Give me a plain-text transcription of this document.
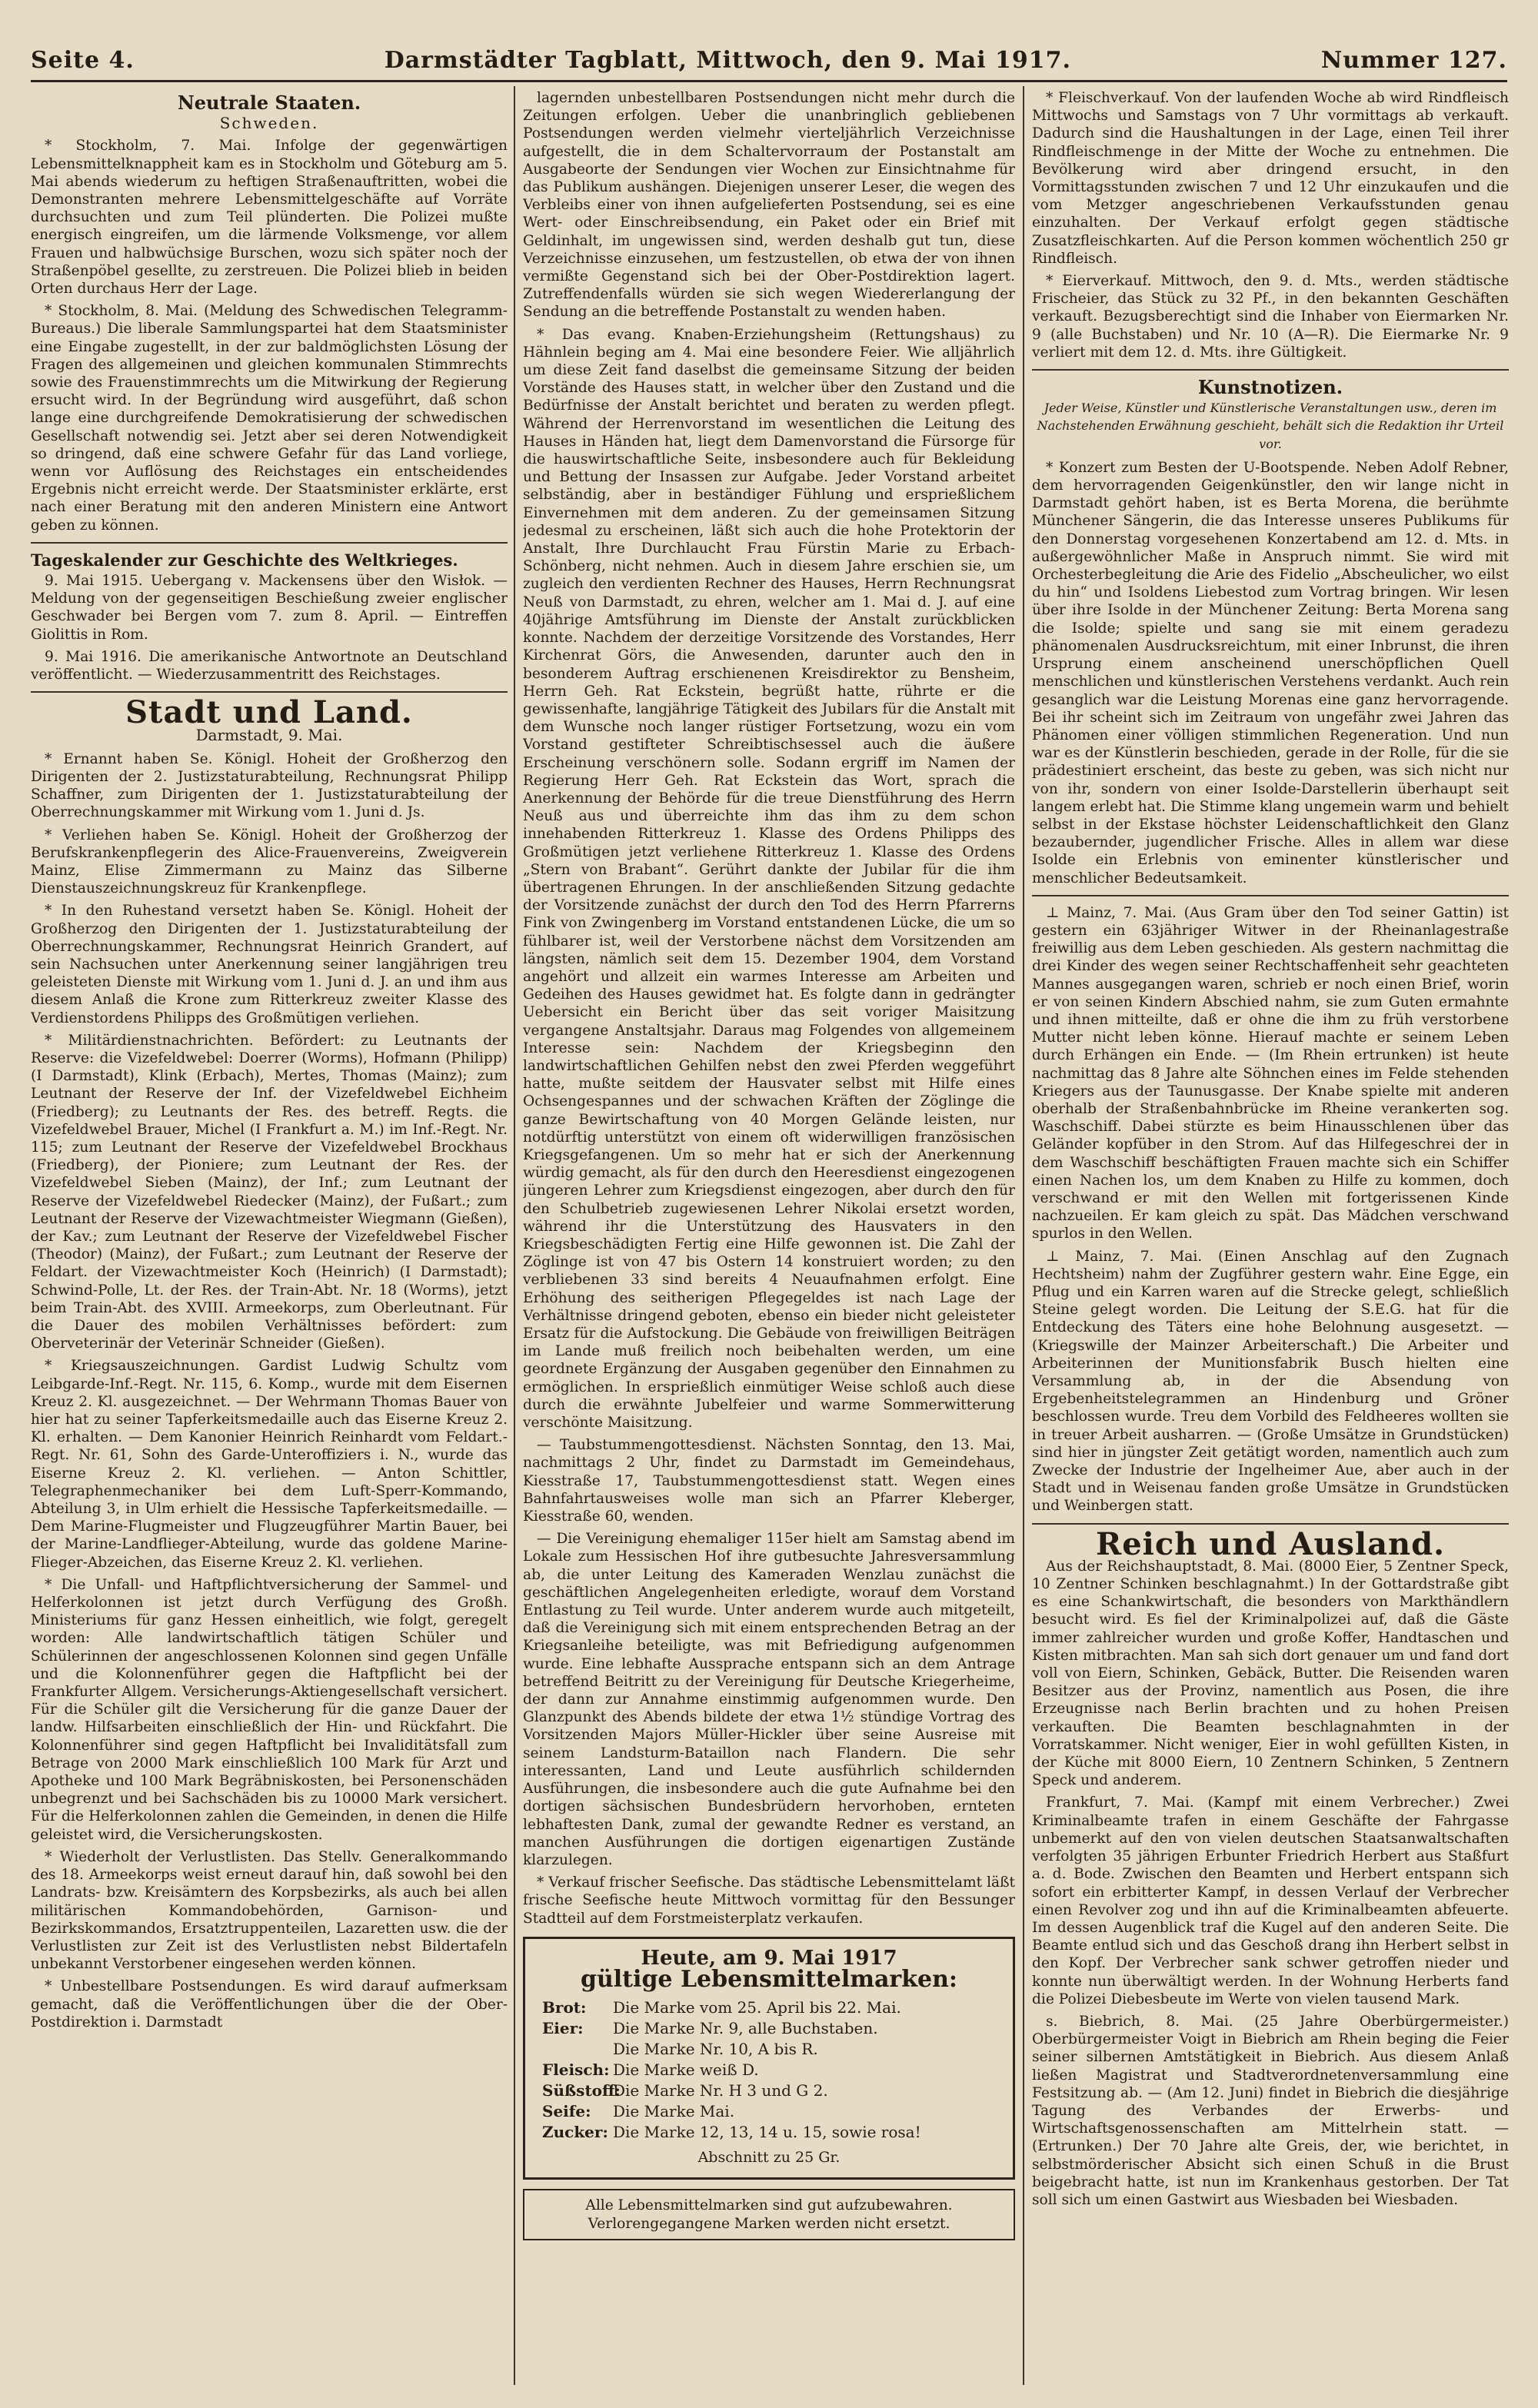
Seite 4.	Darmstädter Tagblatt, Mittwoch, den 9. Mai 1917.	Nummer 127.
Neutrale Staaten.
Schweden.

* Stockholm, 7. Mai. Infolge der gegenwärtigen Lebensmittelknappheit kam es in Stockholm und Göteburg am 5. Mai abends wiederum zu heftigen Straßenauftritten, wobei die Demonstranten mehrere Lebensmittelgeschäfte auf Vorräte durchsuchten und zum Teil plünderten. Die Polizei mußte energisch eingreifen, um die lärmende Volksmenge, vor allem Frauen und halbwüchsige Burschen, wozu sich später noch der Straßenpöbel gesellte, zu zerstreuen. Die Polizei blieb in beiden Orten durchaus Herr der Lage.

* Stockholm, 8. Mai. (Meldung des Schwedischen Telegramm-Bureaus.) Die liberale Sammlungspartei hat dem Staatsminister eine Eingabe zugestellt, in der zur baldmöglichsten Lösung der Fragen des allgemeinen und gleichen kommunalen Stimmrechts sowie des Frauenstimmrechts um die Mitwirkung der Regierung ersucht wird. In der Begründung wird ausgeführt, daß schon lange eine durchgreifende Demokratisierung der schwedischen Gesellschaft notwendig sei. Jetzt aber sei deren Notwendigkeit so dringend, daß eine schwere Gefahr für das Land vorliege, wenn vor Auflösung des Reichstages ein entscheidendes Ergebnis nicht erreicht werde. Der Staatsminister erklärte, erst nach einer Beratung mit den anderen Ministern eine Antwort geben zu können.

Tageskalender zur Geschichte des Weltkrieges.

9. Mai 1915. Uebergang v. Mackensens über den Wisłok. — Meldung von der gegenseitigen Beschießung zweier englischer Geschwader bei Bergen vom 7. zum 8. April. — Eintreffen Giolittis in Rom.

9. Mai 1916. Die amerikanische Antwortnote an Deutschland veröffentlicht. — Wiederzusammentritt des Reichstages.

Stadt und Land.
Darmstadt, 9. Mai.

* Ernannt haben Se. Königl. Hoheit der Großherzog den Dirigenten der 2. Justizstaturabteilung, Rechnungsrat Philipp Schaffner, zum Dirigenten der 1. Justizstaturabteilung der Oberrechnungskammer mit Wirkung vom 1. Juni d. Js.

* Verliehen haben Se. Königl. Hoheit der Großherzog der Berufskrankenpflegerin des Alice-Frauenvereins, Zweigverein Mainz, Elise Zimmermann zu Mainz das Silberne Dienstauszeichnungskreuz für Krankenpflege.

* In den Ruhestand versetzt haben Se. Königl. Hoheit der Großherzog den Dirigenten der 1. Justizstaturabteilung der Oberrechnungskammer, Rechnungsrat Heinrich Grandert, auf sein Nachsuchen unter Anerkennung seiner langjährigen treu geleisteten Dienste mit Wirkung vom 1. Juni d. J. an und ihm aus diesem Anlaß die Krone zum Ritterkreuz zweiter Klasse des Verdienstordens Philipps des Großmütigen verliehen.

* Militärdienstnachrichten. Befördert: zu Leutnants der Reserve: die Vizefeldwebel: Doerrer (Worms), Hofmann (Philipp) (I Darmstadt), Klink (Erbach), Mertes, Thomas (Mainz); zum Leutnant der Reserve der Inf. der Vizefeldwebel Eichheim (Friedberg); zu Leutnants der Res. des betreff. Regts. die Vizefeldwebel Brauer, Michel (I Frankfurt a. M.) im Inf.-Regt. Nr. 115; zum Leutnant der Reserve der Vizefeldwebel Brockhaus (Friedberg), der Pioniere; zum Leutnant der Res. der Vizefeldwebel Sieben (Mainz), der Inf.; zum Leutnant der Reserve der Vizefeldwebel Riedecker (Mainz), der Fußart.; zum Leutnant der Reserve der Vizewachtmeister Wiegmann (Gießen), der Kav.; zum Leutnant der Reserve der Vizefeldwebel Fischer (Theodor) (Mainz), der Fußart.; zum Leutnant der Reserve der Feldart. der Vizewachtmeister Koch (Heinrich) (I Darmstadt); Schwind-Polle, Lt. der Res. der Train-Abt. Nr. 18 (Worms), jetzt beim Train-Abt. des XVIII. Armeekorps, zum Oberleutnant. Für die Dauer des mobilen Verhältnisses befördert: zum Oberveterinär der Veterinär Schneider (Gießen).

* Kriegsauszeichnungen. Gardist Ludwig Schultz vom Leibgarde-Inf.-Regt. Nr. 115, 6. Komp., wurde mit dem Eisernen Kreuz 2. Kl. ausgezeichnet. — Der Wehrmann Thomas Bauer von hier hat zu seiner Tapferkeitsmedaille auch das Eiserne Kreuz 2. Kl. erhalten. — Dem Kanonier Heinrich Reinhardt vom Feldart.-Regt. Nr. 61, Sohn des Garde-Unteroffiziers i. N., wurde das Eiserne Kreuz 2. Kl. verliehen. — Anton Schittler, Telegraphenmechaniker bei dem Luft-Sperr-Kommando, Abteilung 3, in Ulm erhielt die Hessische Tapferkeitsmedaille. — Dem Marine-Flugmeister und Flugzeugführer Martin Bauer, bei der Marine-Landflieger-Abteilung, wurde das goldene Marine-Flieger-Abzeichen, das Eiserne Kreuz 2. Kl. verliehen.

* Die Unfall- und Haftpflichtversicherung der Sammel- und Helferkolonnen ist jetzt durch Verfügung des Großh. Ministeriums für ganz Hessen einheitlich, wie folgt, geregelt worden: Alle landwirtschaftlich tätigen Schüler und Schülerinnen der angeschlossenen Kolonnen sind gegen Unfälle und die Kolonnenführer gegen die Haftpflicht bei der Frankfurter Allgem. Versicherungs-Aktiengesellschaft versichert. Für die Schüler gilt die Versicherung für die ganze Dauer der landw. Hilfsarbeiten einschließlich der Hin- und Rückfahrt. Die Kolonnenführer sind gegen Haftpflicht bei Invaliditätsfall zum Betrage von 2000 Mark einschließlich 100 Mark für Arzt und Apotheke und 100 Mark Begräbniskosten, bei Personenschäden unbegrenzt und bei Sachschäden bis zu 10000 Mark versichert. Für die Helferkolonnen zahlen die Gemeinden, in denen die Hilfe geleistet wird, die Versicherungskosten.

* Wiederholt der Verlustlisten. Das Stellv. Generalkommando des 18. Armeekorps weist erneut darauf hin, daß sowohl bei den Landrats- bzw. Kreisämtern des Korpsbezirks, als auch bei allen militärischen Kommandobehörden, Garnison- und Bezirkskommandos, Ersatztruppenteilen, Lazaretten usw. die der Verlustlisten zur Zeit ist des Verlustlisten nebst Bildertafeln unbekannt Verstorbener eingesehen werden können.

* Unbestellbare Postsendungen. Es wird darauf aufmerksam gemacht, daß die Veröffentlichungen über die der Ober-Postdirektion i. Darmstadt

lagernden unbestellbaren Postsendungen nicht mehr durch die Zeitungen erfolgen. Ueber die unanbringlich gebliebenen Postsendungen werden vielmehr vierteljährlich Verzeichnisse aufgestellt, die in dem Schaltervorraum der Postanstalt am Ausgabeorte der Sendungen vier Wochen zur Einsichtnahme für das Publikum aushängen. Diejenigen unserer Leser, die wegen des Verbleibs einer von ihnen aufgelieferten Postsendung, sei es eine Wert- oder Einschreibsendung, ein Paket oder ein Brief mit Geldinhalt, im ungewissen sind, werden deshalb gut tun, diese Verzeichnisse einzusehen, um festzustellen, ob etwa der von ihnen vermißte Gegenstand sich bei der Ober-Postdirektion lagert. Zutreffendenfalls würden sie sich wegen Wiedererlangung der Sendung an die betreffende Postanstalt zu wenden haben.

* Das evang. Knaben-Erziehungsheim (Rettungshaus) zu Hähnlein beging am 4. Mai eine besondere Feier. Wie alljährlich um diese Zeit fand daselbst die gemeinsame Sitzung der beiden Vorstände des Hauses statt, in welcher über den Zustand und die Bedürfnisse der Anstalt berichtet und beraten zu werden pflegt. Während der Herrenvorstand im wesentlichen die Leitung des Hauses in Händen hat, liegt dem Damenvorstand die Fürsorge für die hauswirtschaftliche Seite, insbesondere auch für Bekleidung und Bettung der Insassen zur Aufgabe. Jeder Vorstand arbeitet selbständig, aber in beständiger Fühlung und ersprießlichem Einvernehmen mit dem anderen. Zu der gemeinsamen Sitzung jedesmal zu erscheinen, läßt sich auch die hohe Protektorin der Anstalt, Ihre Durchlaucht Frau Fürstin Marie zu Erbach-Schönberg, nicht nehmen. Auch in diesem Jahre erschien sie, um zugleich den verdienten Rechner des Hauses, Herrn Rechnungsrat Neuß von Darmstadt, zu ehren, welcher am 1. Mai d. J. auf eine 40jährige Amtsführung im Dienste der Anstalt zurückblicken konnte. Nachdem der derzeitige Vorsitzende des Vorstandes, Herr Kirchenrat Görs, die Anwesenden, darunter auch den in besonderem Auftrag erschienenen Kreisdirektor zu Bensheim, Herrn Geh. Rat Eckstein, begrüßt hatte, rührte er die gewissenhafte, langjährige Tätigkeit des Jubilars für die Anstalt mit dem Wunsche noch langer rüstiger Fortsetzung, wozu ein vom Vorstand gestifteter Schreibtischsessel auch die äußere Erscheinung verschönern solle. Sodann ergriff im Namen der Regierung Herr Geh. Rat Eckstein das Wort, sprach die Anerkennung der Behörde für die treue Dienstführung des Herrn Neuß aus und überreichte ihm das ihm zu dem schon innehabenden Ritterkreuz 1. Klasse des Ordens Philipps des Großmütigen jetzt verliehene Ritterkreuz 1. Klasse des Ordens „Stern von Brabant“. Gerührt dankte der Jubilar für die ihm übertragenen Ehrungen. In der anschließenden Sitzung gedachte der Vorsitzende zunächst der durch den Tod des Herrn Pfarrerns Fink von Zwingenberg im Vorstand entstandenen Lücke, die um so fühlbarer ist, weil der Verstorbene nächst dem Vorsitzenden am längsten, nämlich seit dem 15. Dezember 1904, dem Vorstand angehört und allzeit ein warmes Interesse am Arbeiten und Gedeihen des Hauses gewidmet hat. Es folgte dann in gedrängter Uebersicht ein Bericht über das seit voriger Maisitzung vergangene Anstaltsjahr. Daraus mag Folgendes von allgemeinem Interesse sein: Nachdem der Kriegsbeginn den landwirtschaftlichen Gehilfen nebst den zwei Pferden weggeführt hatte, mußte seitdem der Hausvater selbst mit Hilfe eines Ochsengespannes und der schwachen Kräften der Zöglinge die ganze Bewirtschaftung von 40 Morgen Gelände leisten, nur notdürftig unterstützt von einem oft widerwilligen französischen Kriegsgefangenen. Um so mehr hat er sich der Anerkennung würdig gemacht, als für den durch den Heeresdienst eingezogenen jüngeren Lehrer zum Kriegsdienst eingezogen, aber durch den für den Schulbetrieb zugewiesenen Lehrer Nikolai ersetzt worden, während ihr die Unterstützung des Hausvaters in den Kriegsbeschädigten Fertig eine Hilfe gewonnen ist. Die Zahl der Zöglinge ist von 47 bis Ostern 14 konstruiert worden; zu den verbliebenen 33 sind bereits 4 Neuaufnahmen erfolgt. Eine Erhöhung des seitherigen Pflegegeldes ist nach Lage der Verhältnisse dringend geboten, ebenso ein bieder nicht geleisteter Ersatz für die Aufstockung. Die Gebäude von freiwilligen Beiträgen im Lande muß freilich noch beibehalten werden, um eine geordnete Ergänzung der Ausgaben gegenüber den Einnahmen zu ermöglichen. In ersprießlich einmütiger Weise schloß auch diese durch die erwähnte Jubelfeier und warme Sommerwitterung verschönte Maisitzung.

— Taubstummengottesdienst. Nächsten Sonntag, den 13. Mai, nachmittags 2 Uhr, findet zu Darmstadt im Gemeindehaus, Kiesstraße 17, Taubstummengottesdienst statt. Wegen eines Bahnfahrtausweises wolle man sich an Pfarrer Kleberger, Kiesstraße 60, wenden.

— Die Vereinigung ehemaliger 115er hielt am Samstag abend im Lokale zum Hessischen Hof ihre gutbesuchte Jahresversammlung ab, die unter Leitung des Kameraden Wenzlau zunächst die geschäftlichen Angelegenheiten erledigte, worauf dem Vorstand Entlastung zu Teil wurde. Unter anderem wurde auch mitgeteilt, daß die Vereinigung sich mit einem entsprechenden Betrag an der Kriegsanleihe beteiligte, was mit Befriedigung aufgenommen wurde. Eine lebhafte Aussprache entspann sich an dem Antrage betreffend Beitritt zu der Vereinigung für Deutsche Kriegerheime, der dann zur Annahme einstimmig aufgenommen wurde. Den Glanzpunkt des Abends bildete der etwa 1½ stündige Vortrag des Vorsitzenden Majors Müller-Hickler über seine Ausreise mit seinem Landsturm-Bataillon nach Flandern. Die sehr interessanten, Land und Leute ausführlich schildernden Ausführungen, die insbesondere auch die gute Aufnahme bei den dortigen sächsischen Bundesbrüdern hervorhoben, ernteten lebhaftesten Dank, zumal der gewandte Redner es verstand, an manchen Ausführungen die dortigen eigenartigen Zustände klarzulegen.

* Verkauf frischer Seefische. Das städtische Lebensmittelamt läßt frische Seefische heute Mittwoch vormittag für den Bessunger Stadtteil auf dem Forstmeisterplatz verkaufen.

Heute, am 9. Mai 1917
gültige Lebensmittelmarken:
Brot:	Die Marke vom 25. April bis 22. Mai.
Eier:	Die Marke Nr. 9, alle Buchstaben.
Die Marke Nr. 10, A bis R.
Fleisch: Die Marke weiß D.
Süßstoff:
Die Marke Nr. H 3 und G 2.
Seife:	Die Marke Mai.
Zucker: Die Marke 12, 13, 14 u. 15, sowie rosa!
Abschnitt zu 25 Gr.
Alle Lebensmittelmarken sind gut aufzubewahren.
Verlorengegangene Marken werden nicht ersetzt.

* Fleischverkauf. Von der laufenden Woche ab wird Rindfleisch Mittwochs und Samstags von 7 Uhr vormittags ab verkauft. Dadurch sind die Haushaltungen in der Lage, einen Teil ihrer Rindfleischmenge in der Mitte der Woche zu entnehmen. Die Bevölkerung wird aber dringend ersucht, in den Vormittagsstunden zwischen 7 und 12 Uhr einzukaufen und die vom Metzger angeschriebenen Verkaufsstunden genau einzuhalten. Der Verkauf erfolgt gegen städtische Zusatzfleischkarten. Auf die Person kommen wöchentlich 250 gr Rindfleisch.

* Eierverkauf. Mittwoch, den 9. d. Mts., werden städtische Frischeier, das Stück zu 32 Pf., in den bekannten Geschäften verkauft. Bezugsberechtigt sind die Inhaber von Eiermarken Nr. 9 (alle Buchstaben) und Nr. 10 (A—R). Die Eiermarke Nr. 9 verliert mit dem 12. d. Mts. ihre Gültigkeit.

Kunstnotizen.
Jeder Weise, Künstler und Künstlerische Veranstaltungen usw., deren im Nachstehenden Erwähnung geschieht, behält sich die Redaktion ihr Urteil vor.

* Konzert zum Besten der U-Bootspende. Neben Adolf Rebner, dem hervorragenden Geigenkünstler, den wir lange nicht in Darmstadt gehört haben, ist es Berta Morena, die berühmte Münchener Sängerin, die das Interesse unseres Publikums für den Donnerstag vorgesehenen Konzertabend am 12. d. Mts. in außergewöhnlicher Maße in Anspruch nimmt. Sie wird mit Orchesterbegleitung die Arie des Fidelio „Abscheulicher, wo eilst du hin“ und Isoldens Liebestod zum Vortrag bringen. Wir lesen über ihre Isolde in der Münchener Zeitung: Berta Morena sang die Isolde; spielte und sang sie mit einem geradezu phänomenalen Ausdrucksreichtum, mit einer Inbrunst, die ihren Ursprung einem anscheinend unerschöpflichen Quell menschlichen und künstlerischen Verstehens verdankt. Auch rein gesanglich war die Leistung Morenas eine ganz hervorragende. Bei ihr scheint sich im Zeitraum von ungefähr zwei Jahren das Phänomen einer völligen stimmlichen Regeneration. Und nun war es der Künstlerin beschieden, gerade in der Rolle, für die sie prädestiniert erscheint, das beste zu geben, was sich nicht nur von ihr, sondern von einer Isolde-Darstellerin überhaupt seit langem erlebt hat. Die Stimme klang ungemein warm und behielt selbst in der Ekstase höchster Leidenschaftlichkeit den Glanz bezaubernder, jugendlicher Frische. Alles in allem war diese Isolde ein Erlebnis von eminenter künstlerischer und menschlicher Bedeutsamkeit.

⊥ Mainz, 7. Mai. (Aus Gram über den Tod seiner Gattin) ist gestern ein 63jähriger Witwer in der Rheinanlagestraße freiwillig aus dem Leben geschieden. Als gestern nachmittag die drei Kinder des wegen seiner Rechtschaffenheit sehr geachteten Mannes ausgegangen waren, schrieb er noch einen Brief, worin er von seinen Kindern Abschied nahm, sie zum Guten ermahnte und ihnen mitteilte, daß er ohne die ihm zu früh verstorbene Mutter nicht leben könne. Hierauf machte er seinem Leben durch Erhängen ein Ende. — (Im Rhein ertrunken) ist heute nachmittag das 8 Jahre alte Söhnchen eines im Felde stehenden Kriegers aus der Taunusgasse. Der Knabe spielte mit anderen oberhalb der Straßenbahnbrücke im Rheine verankerten sog. Waschschiff. Dabei stürzte es beim Hinausschlenen über das Geländer kopfüber in den Strom. Auf das Hilfegeschrei der in dem Waschschiff beschäftigten Frauen machte sich ein Schiffer einen Nachen los, um dem Knaben zu Hilfe zu kommen, doch verschwand er mit den Wellen mit fortgerissenen Kinde nachzueilen. Er kam gleich zu spät. Das Mädchen verschwand spurlos in den Wellen.

⊥ Mainz, 7. Mai. (Einen Anschlag auf den Zugnach Hechtsheim) nahm der Zugführer gestern wahr. Eine Egge, ein Pflug und ein Karren waren auf die Strecke gelegt, schließlich Steine gelegt worden. Die Leitung der S.E.G. hat für die Entdeckung des Täters eine hohe Belohnung ausgesetzt. — (Kriegswille der Mainzer Arbeiterschaft.) Die Arbeiter und Arbeiterinnen der Munitionsfabrik Busch hielten eine Versammlung ab, in der die Absendung von Ergebenheitstelegrammen an Hindenburg und Gröner beschlossen wurde. Treu dem Vorbild des Feldheeres wollten sie in treuer Arbeit ausharren. — (Große Umsätze in Grundstücken) sind hier in jüngster Zeit getätigt worden, namentlich auch zum Zwecke der Industrie der Ingelheimer Aue, aber auch in der Stadt und in Weisenau fanden große Umsätze in Grundstücken und Weinbergen statt.

Reich und Ausland.

Aus der Reichshauptstadt, 8. Mai. (8000 Eier, 5 Zentner Speck, 10 Zentner Schinken beschlagnahmt.) In der Gottardstraße gibt es eine Schankwirtschaft, die besonders von Markthändlern besucht wird. Es fiel der Kriminalpolizei auf, daß die Gäste immer zahlreicher wurden und große Koffer, Handtaschen und Kisten mitbrachten. Man sah sich dort genauer um und fand dort voll von Eiern, Schinken, Gebäck, Butter. Die Reisenden waren Besitzer aus der Provinz, namentlich aus Posen, die ihre Erzeugnisse nach Berlin brachten und zu hohen Preisen verkauften. Die Beamten beschlagnahmten in der Vorratskammer. Nicht weniger, Eier in wohl gefüllten Kisten, in der Küche mit 8000 Eiern, 10 Zentnern Schinken, 5 Zentnern Speck und anderem.

Frankfurt, 7. Mai. (Kampf mit einem Verbrecher.) Zwei Kriminalbeamte trafen in einem Geschäfte der Fahrgasse unbemerkt auf den von vielen deutschen Staatsanwaltschaften verfolgten 35 jährigen Erbunter Friedrich Herbert aus Staßfurt a. d. Bode. Zwischen den Beamten und Herbert entspann sich sofort ein erbitterter Kampf, in dessen Verlauf der Verbrecher einen Revolver zog und ihn auf die Kriminalbeamten abfeuerte. Im dessen Augenblick traf die Kugel auf den anderen Seite. Die Beamte entlud sich und das Geschoß drang ihn Herbert selbst in den Kopf. Der Verbrecher sank schwer getroffen nieder und konnte nun überwältigt werden. In der Wohnung Herberts fand die Polizei Diebesbeute im Werte von vielen tausend Mark.

s. Biebrich, 8. Mai. (25 Jahre Oberbürgermeister.) Oberbürgermeister Voigt in Biebrich am Rhein beging die Feier seiner silbernen Amtstätigkeit in Biebrich. Aus diesem Anlaß ließen Magistrat und Stadtverordnetenversammlung eine Festsitzung ab. — (Am 12. Juni) findet in Biebrich die diesjährige Tagung des Verbandes der Erwerbs- und Wirtschaftsgenossenschaften am Mittelrhein statt. — (Ertrunken.) Der 70 Jahre alte Greis, der, wie berichtet, in selbstmörderischer Absicht sich einen Schuß in die Brust beigebracht hatte, ist nun im Krankenhaus gestorben. Der Tat soll sich um einen Gastwirt aus Wiesbaden bei Wiesbaden.
